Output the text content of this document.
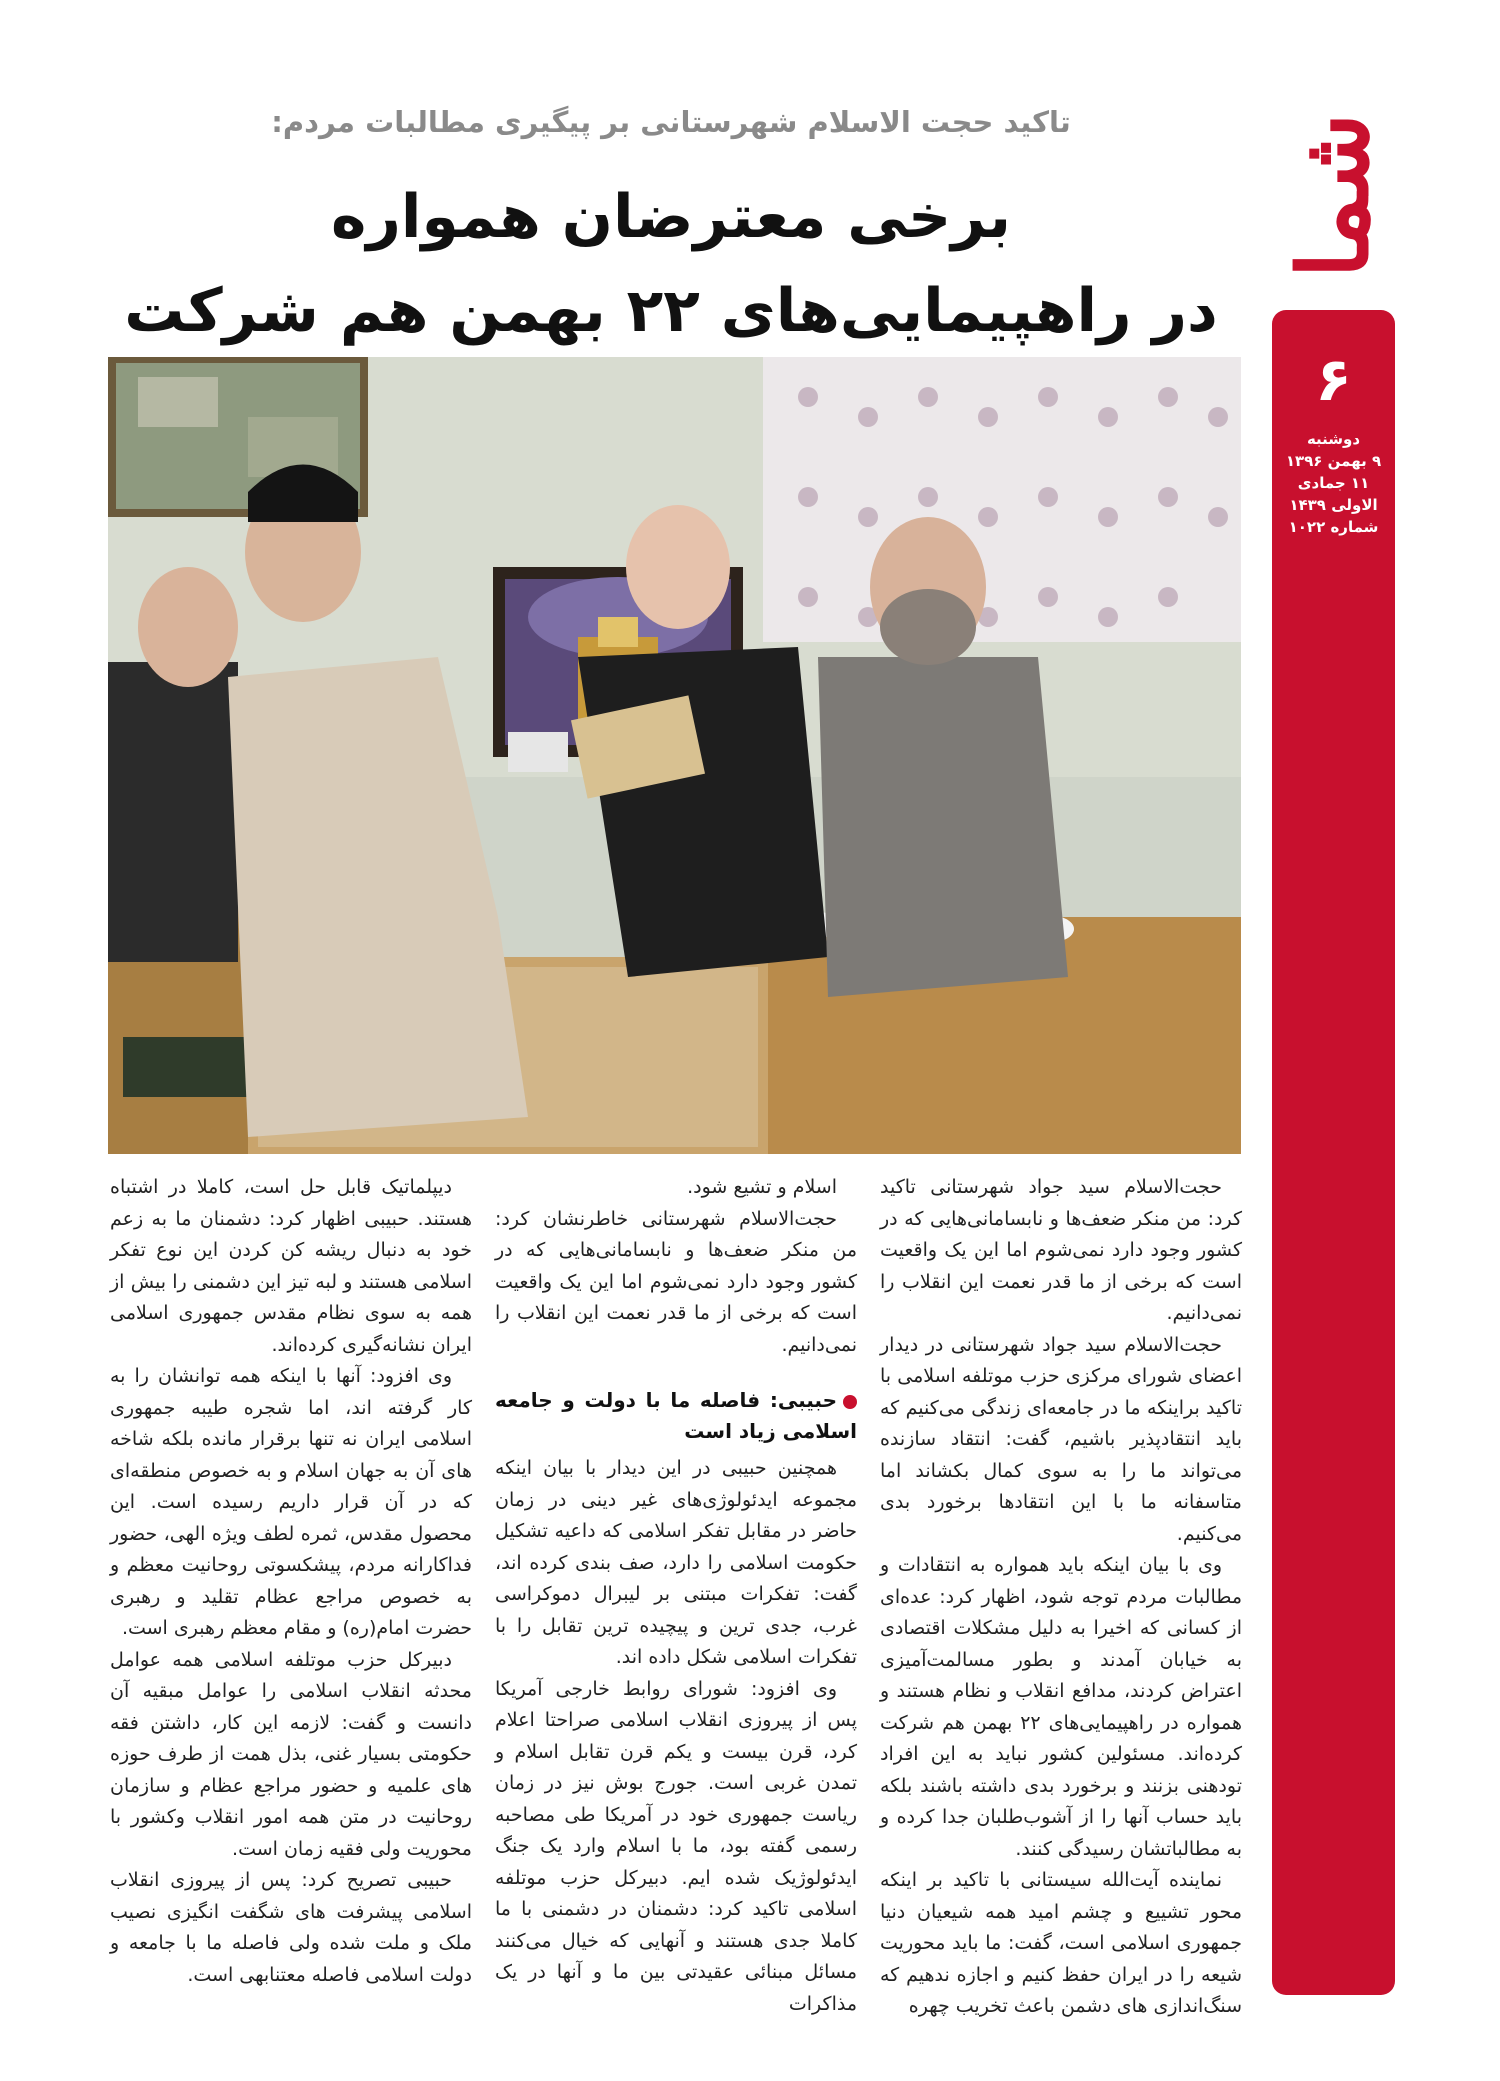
شما
۶
دوشنبه
۹ بهمن ۱۳۹۶
۱۱ جمادی الاولی ۱۴۳۹
شماره ۱۰۲۲
تاکید حجت الاسلام شهرستانی بر پیگیری مطالبات مردم:
برخی معترضان همواره
در راهپیمایی‌های ۲۲ بهمن هم شرکت

حجت‌الاسلام سید جواد شهرستانی تاکید کرد: من منکر ضعف‌ها و نابسامانی‌هایی که در کشور وجود دارد نمی‌شوم اما این یک واقعیت است که برخی از ما قدر نعمت این انقلاب را نمی‌دانیم.

حجت‌الاسلام سید جواد شهرستانی در دیدار اعضای شورای مرکزی حزب موتلفه اسلامی با تاکید براینکه ما در جامعه‌ای زندگی می‌کنیم که باید انتقادپذیر باشیم، گفت: انتقاد سازنده می‌تواند ما را به سوی کمال بکشاند اما متاسفانه ما با این انتقادها برخورد بدی می‌کنیم.

وی با بیان اینکه باید همواره به انتقادات و مطالبات مردم توجه شود، اظهار کرد: عده‌ای از کسانی که اخیرا به دلیل مشکلات اقتصادی به خیابان آمدند و بطور مسالمت‌آمیزی اعتراض کردند، مدافع انقلاب و نظام هستند و همواره در راهپیمایی‌های ۲۲ بهمن هم شرکت کرده‌اند. مسئولین کشور نباید به این افراد تودهنی بزنند و برخورد بدی داشته باشند بلکه باید حساب آنها را از آشوب‌طلبان جدا کرده و به مطالباتشان رسیدگی کنند.

نماینده آیت‌الله سیستانی با تاکید بر اینکه محور تشییع و چشم امید همه شیعیان دنیا جمهوری اسلامی است، گفت: ما باید محوریت شیعه را در ایران حفظ کنیم و اجازه ندهیم که سنگ‌اندازی های دشمن باعث تخریب چهره

اسلام و تشیع شود.

حجت‌الاسلام شهرستانی خاطرنشان کرد: من منکر ضعف‌ها و نابسامانی‌هایی که در کشور وجود دارد نمی‌شوم اما این یک واقعیت است که برخی از ما قدر نعمت این انقلاب را نمی‌دانیم.

حبیبی: فاصله ما با دولت و جامعه اسلامی زیاد است

همچنین حبیبی در این دیدار با بیان اینکه مجموعه ایدئولوژی‌های غیر دینی در زمان حاضر در مقابل تفکر اسلامی که داعیه تشکیل حکومت اسلامی را دارد، صف بندی کرده اند، گفت: تفکرات مبتنی بر لیبرال دموکراسی غرب، جدی ترین و پیچیده ترین تقابل را با تفکرات اسلامی شکل داده اند.

وی افزود: شورای روابط خارجی آمریکا پس از پیروزی انقلاب اسلامی صراحتا اعلام کرد، قرن بیست و یکم قرن تقابل اسلام و تمدن غربی است. جورج بوش نیز در زمان ریاست جمهوری خود در آمریکا طی مصاحبه رسمی گفته بود، ما با اسلام وارد یک جنگ ایدئولوژیک شده ایم. دبیرکل حزب موتلفه اسلامی تاکید کرد: دشمنان در دشمنی با ما کاملا جدی هستند و آنهایی که خیال می‌کنند مسائل مبنائی عقیدتی بین ما و آنها در یک مذاکرات

دیپلماتیک قابل حل است، کاملا در اشتباه هستند. حبیبی اظهار کرد: دشمنان ما به زعم خود به دنبال ریشه کن کردن این نوع تفکر اسلامی هستند و لبه تیز این دشمنی را بیش از همه به سوی نظام مقدس جمهوری اسلامی ایران نشانه‌گیری کرده‌اند.

وی افزود: آنها با اینکه همه توانشان را به کار گرفته اند، اما شجره طیبه جمهوری اسلامی ایران نه تنها برقرار مانده بلکه شاخه های آن به جهان اسلام و به خصوص منطقه‌ای که در آن قرار داریم رسیده است. این محصول مقدس، ثمره لطف ویژه الهی، حضور فداکارانه مردم، پیشکسوتی روحانیت معظم و به خصوص مراجع عظام تقلید و رهبری حضرت امام(ره) و مقام معظم رهبری است.

دبیرکل حزب موتلفه اسلامی همه عوامل محدثه انقلاب اسلامی را عوامل مبقیه آن دانست و گفت: لازمه این کار، داشتن فقه حکومتی بسیار غنی، بذل همت از طرف حوزه های علمیه و حضور مراجع عظام و سازمان روحانیت در متن همه امور انقلاب وکشور با محوریت ولی فقیه زمان است.

حبیبی تصریح کرد: پس از پیروزی انقلاب اسلامی پیشرفت های شگفت انگیزی نصیب ملک و ملت شده ولی فاصله ما با جامعه و دولت اسلامی فاصله معتنابهی است.
